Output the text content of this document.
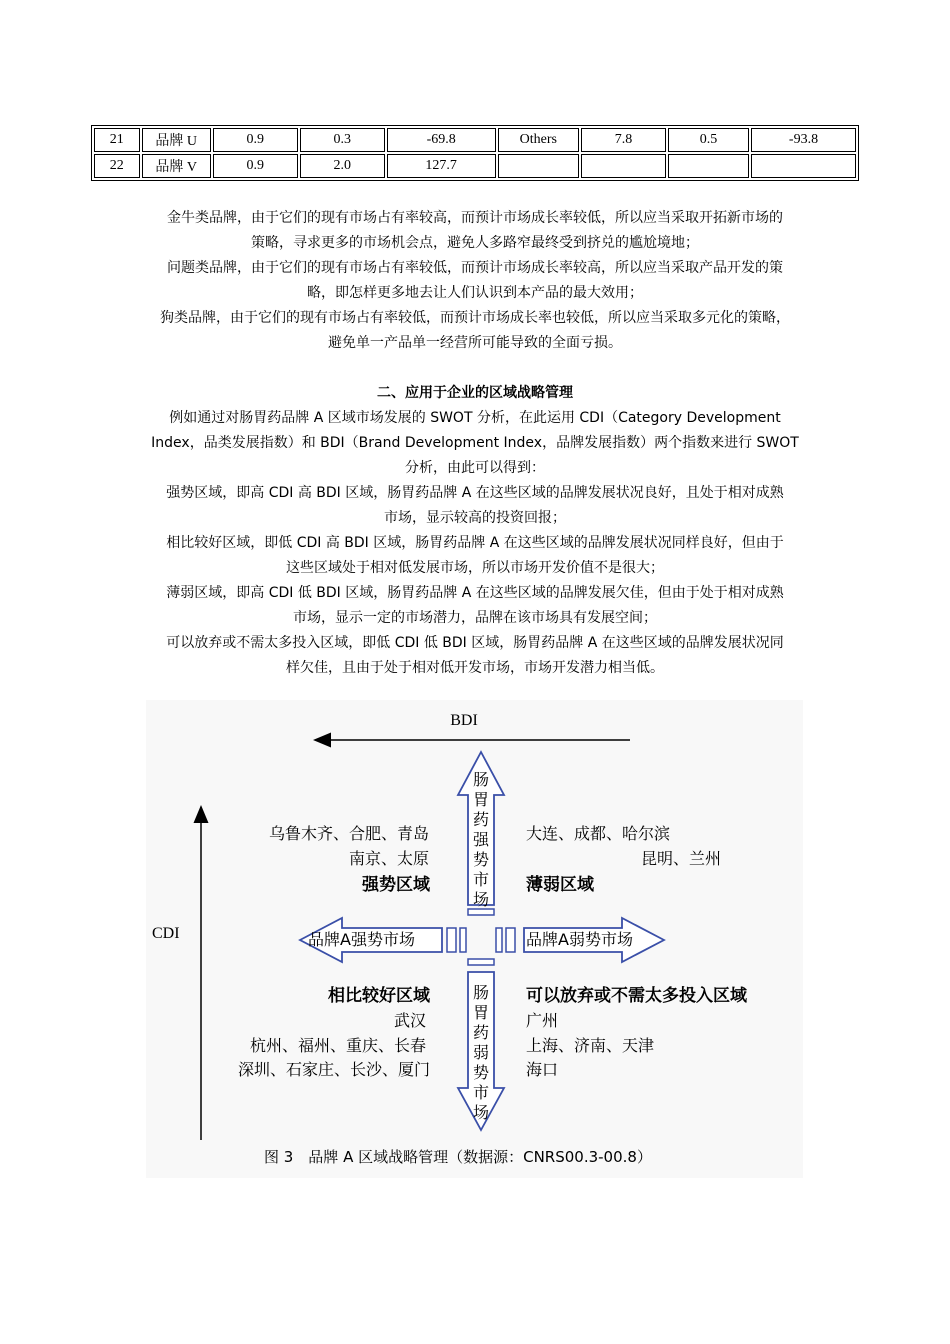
21	品牌 U	0.9	0.3	-69.8	Others	7.8	0.5	-93.8
22	品牌 V	0.9	2.0	127.7				
金牛类品牌，由于它们的现有市场占有率较高，而预计市场成长率较低，所以应当采取开拓新市场的
策略，寻求更多的市场机会点，避免人多路窄最终受到挤兑的尴尬境地；
问题类品牌，由于它们的现有市场占有率较低，而预计市场成长率较高，所以应当采取产品开发的策
略，即怎样更多地去让人们认识到本产品的最大效用；
狗类品牌，由于它们的现有市场占有率较低，而预计市场成长率也较低，所以应当采取多元化的策略，
避免单一产品单一经营所可能导致的全面亏损。
二、应用于企业的区域战略管理
例如通过对肠胃药品牌 A 区域市场发展的 SWOT 分析，在此运用 CDI（Category Development
Index，品类发展指数）和 BDI（Brand Development Index，品牌发展指数）两个指数来进行 SWOT
分析，由此可以得到：
强势区域，即高 CDI 高 BDI 区域，肠胃药品牌 A 在这些区域的品牌发展状况良好，且处于相对成熟
市场，显示较高的投资回报；
相比较好区域，即低 CDI 高 BDI 区域，肠胃药品牌 A 在这些区域的品牌发展状况同样良好，但由于
这些区域处于相对低发展市场，所以市场开发价值不是很大；
薄弱区域，即高 CDI 低 BDI 区域，肠胃药品牌 A 在这些区域的品牌发展欠佳，但由于处于相对成熟
市场，显示一定的市场潜力，品牌在该市场具有发展空间；
可以放弃或不需太多投入区域，即低 CDI 低 BDI 区域，肠胃药品牌 A 在这些区域的品牌发展状况同
样欠佳，且由于处于相对低开发市场，市场开发潜力相当低。
BDI
CDI
肠
胃
药
强
势
市
场
肠
胃
药
弱
势
市
场
品牌A强势市场	品牌A弱势市场
乌鲁木齐、合肥、青岛
南京、太原
强势区域
大连、成都、哈尔滨
昆明、兰州
薄弱区域
相比较好区域
武汉
杭州、福州、重庆、长春
深圳、石家庄、长沙、厦门
可以放弃或不需太多投入区域
广州
上海、济南、天津
海口
图 3　品牌 A 区域战略管理（数据源：CNRS00.3-00.8）
